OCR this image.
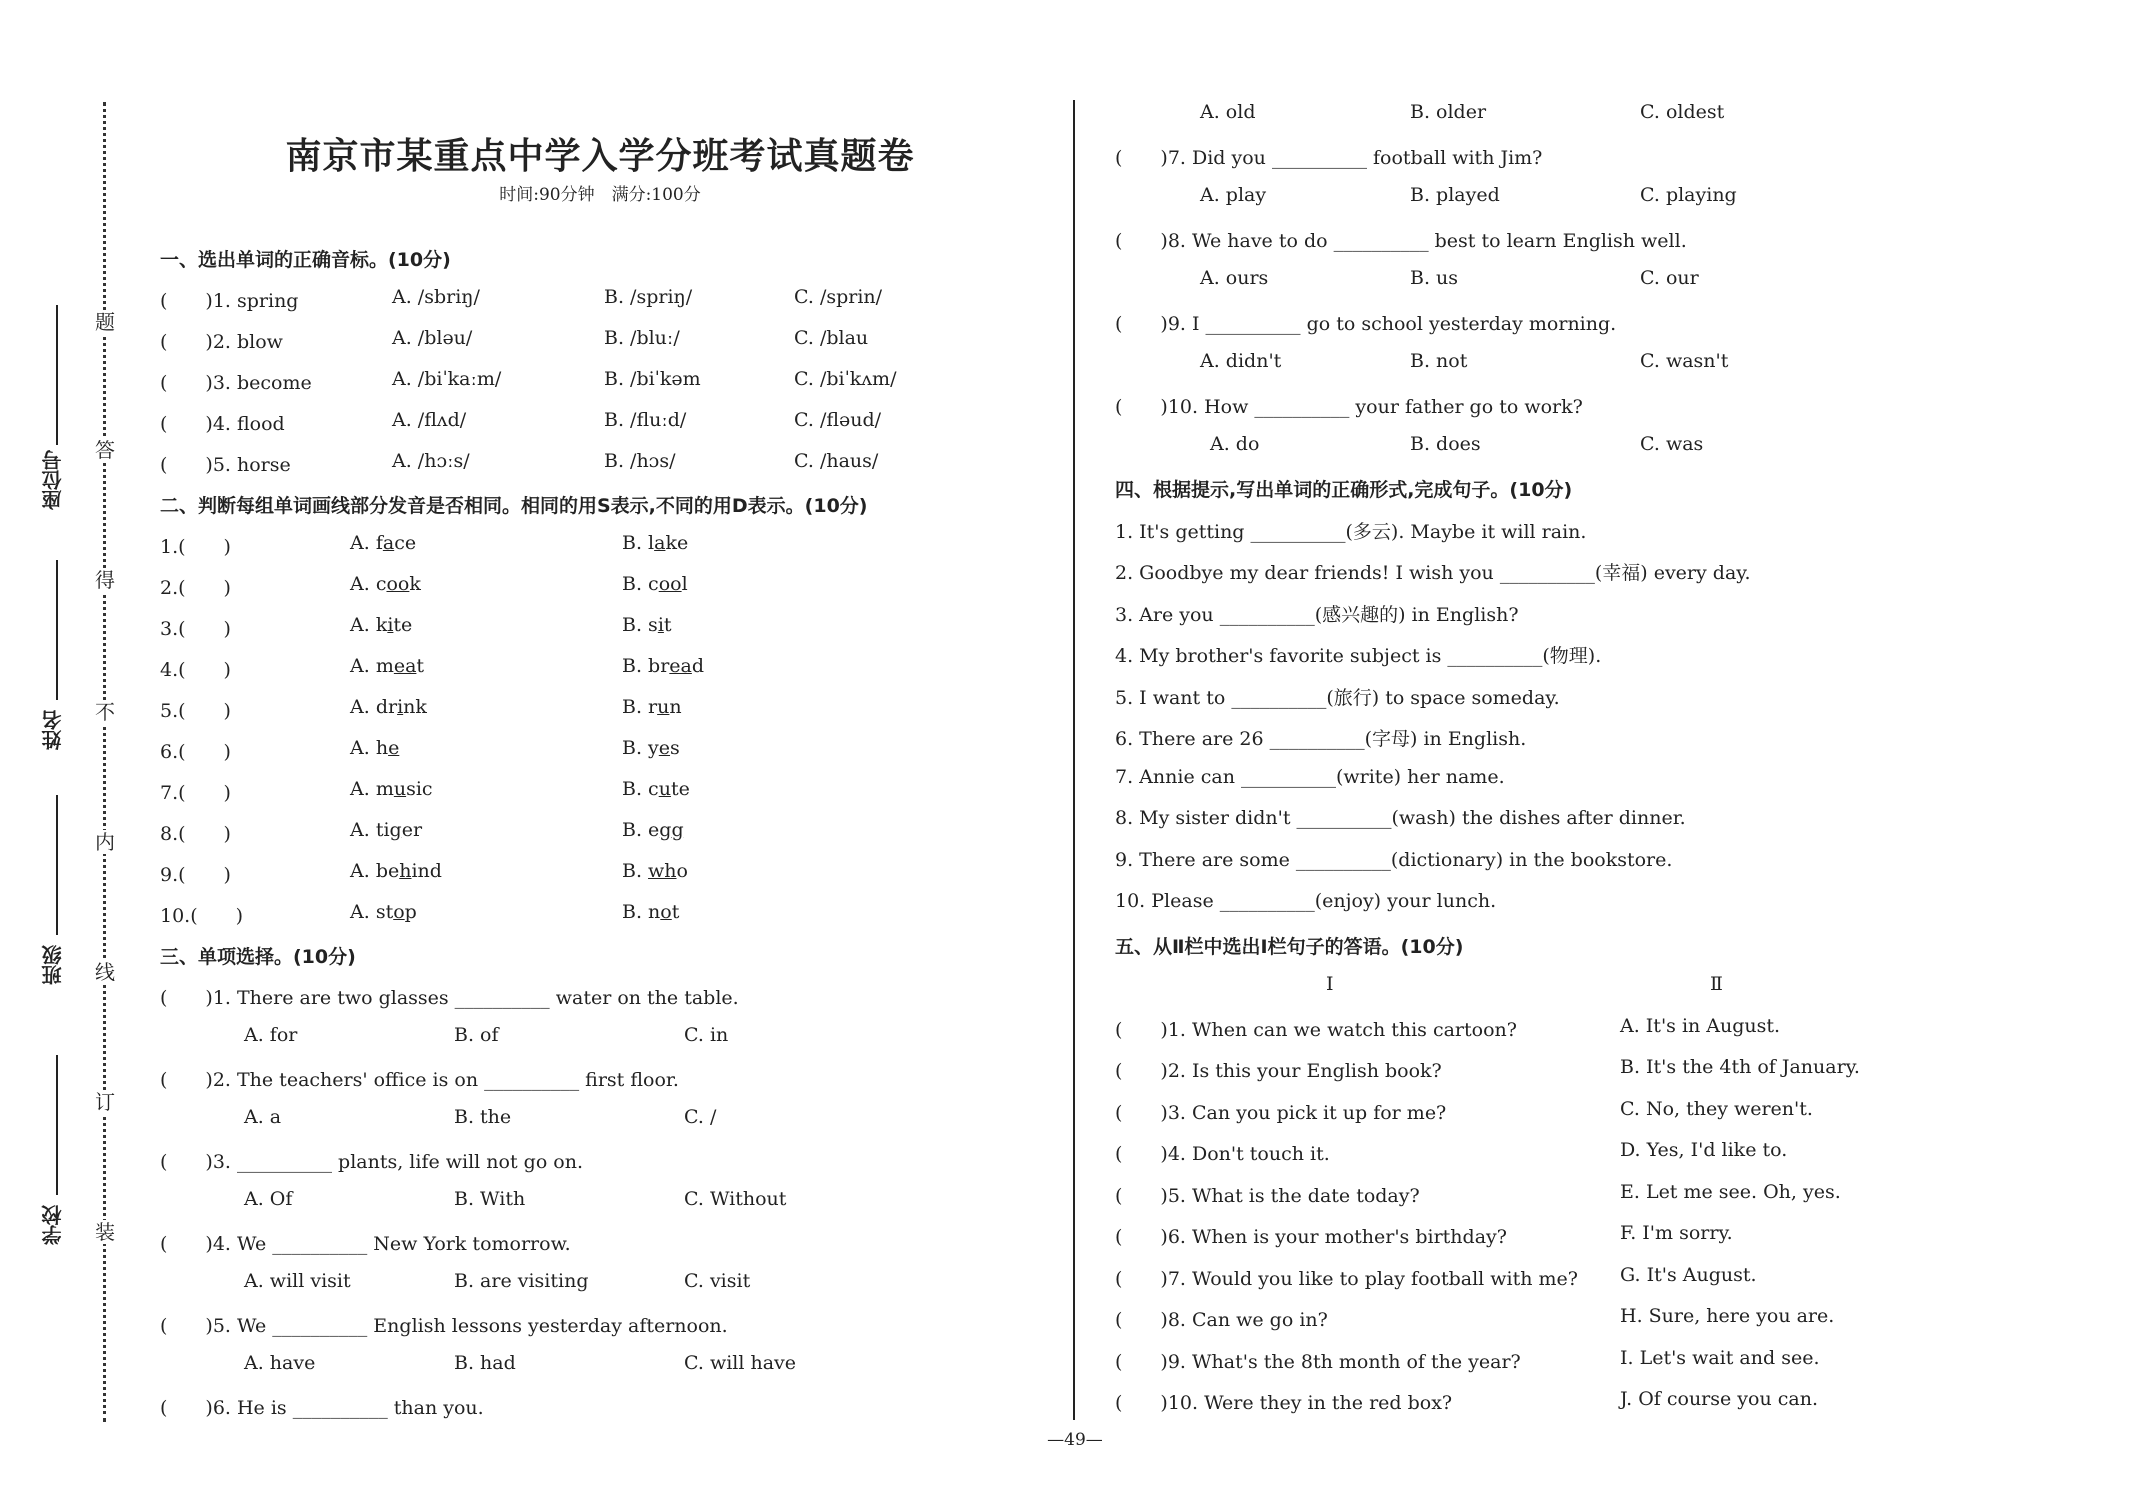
座位号
姓名
班级
学校
题
答
得
不
内
线
订
装
南京市某重点中学入学分班考试真题卷
时间:90分钟　满分:100分
一、选出单词的正确音标。(10分)
(　　)1. spring	A. /sbriŋ/	B. /spriŋ/	C. /sprin/
(　　)2. blow	A. /bləu/	B. /bluː/	C. /blau
(　　)3. become	A. /biˈkaːm/	B. /biˈkəm	C. /biˈkʌm/
(　　)4. flood	A. /flʌd/	B. /fluːd/	C. /fləud/
(　　)5. horse	A. /hɔːs/	B. /hɔs/	C. /haus/
二、判断每组单词画线部分发音是否相同。相同的用S表示,不同的用D表示。(10分)
1.(　　)	A. face	B. lake
2.(　　)	A. cook	B. cool
3.(　　)	A. kite	B. sit
4.(　　)	A. meat	B. bread
5.(　　)	A. drink	B. run
6.(　　)	A. he	B. yes
7.(　　)	A. music	B. cute
8.(　　)	A. tiger	B. egg
9.(　　)	A. behind	B. who
10.(　　)	A. stop	B. not
三、单项选择。(10分)
(　　)1. There are two glasses __________ water on the table.
A. for	B. of	C. in
(　　)2. The teachers' office is on __________ first floor.
A. a	B. the	C. /
(　　)3. __________ plants, life will not go on.
A. Of	B. With	C. Without
(　　)4. We __________ New York tomorrow.
A. will visit	B. are visiting	C. visit
(　　)5. We __________ English lessons yesterday afternoon.
A. have	B. had	C. will have
(　　)6. He is __________ than you.
A. old	B. older	C. oldest
(　　)7. Did you __________ football with Jim?
A. play	B. played	C. playing
(　　)8. We have to do __________ best to learn English well.
A. ours	B. us	C. our
(　　)9. I __________ go to school yesterday morning.
A. didn't	B. not	C. wasn't
(　　)10. How __________ your father go to work?
A. do	B. does	C. was
四、根据提示,写出单词的正确形式,完成句子。(10分)
1. It's getting __________(多云). Maybe it will rain.
2. Goodbye my dear friends! I wish you __________(幸福) every day.
3. Are you __________(感兴趣的) in English?
4. My brother's favorite subject is __________(物理).
5. I want to __________(旅行) to space someday.
6. There are 26 __________(字母) in English.
7. Annie can __________(write) her name.
8. My sister didn't __________(wash) the dishes after dinner.
9. There are some __________(dictionary) in the bookstore.
10. Please __________(enjoy) your lunch.
五、从Ⅱ栏中选出Ⅰ栏句子的答语。(10分)
Ⅰ	Ⅱ
(　　)1. When can we watch this cartoon?	A. It's in August.
(　　)2. Is this your English book?	B. It's the 4th of January.
(　　)3. Can you pick it up for me?	C. No, they weren't.
(　　)4. Don't touch it.	D. Yes, I'd like to.
(　　)5. What is the date today?	E. Let me see. Oh, yes.
(　　)6. When is your mother's birthday?	F. I'm sorry.
(　　)7. Would you like to play football with me? G. It's August.
(　　)8. Can we go in?	H. Sure, here you are.
(　　)9. What's the 8th month of the year?	I. Let's wait and see.
(　　)10. Were they in the red box?	J. Of course you can.
—49—
